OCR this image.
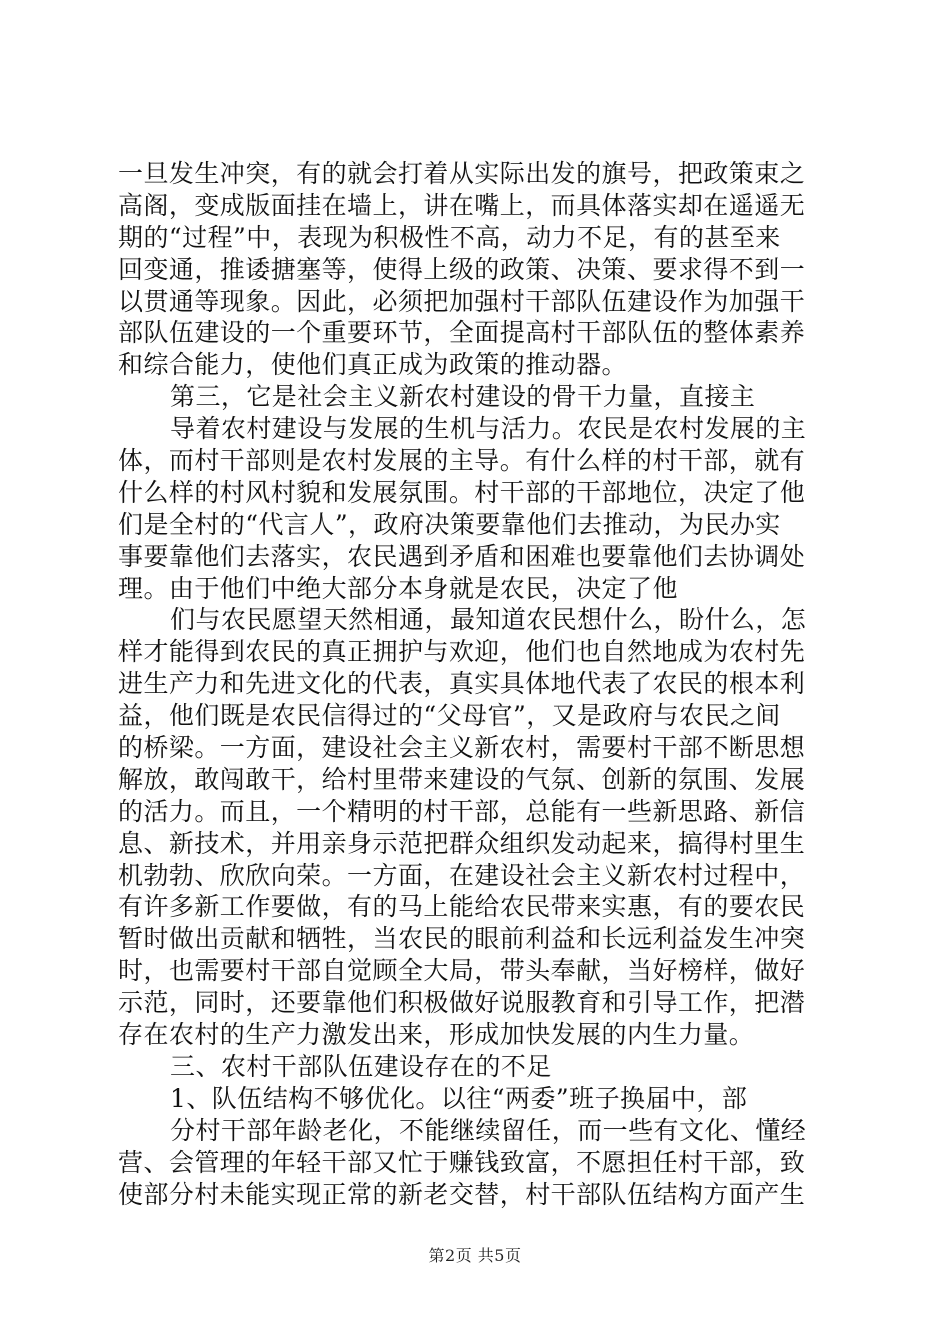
一旦发生冲突，有的就会打着从实际出发的旗号，把政策束之
高阁，变成版面挂在墙上，讲在嘴上，而具体落实却在遥遥无
期的“过程”中，表现为积极性不高，动力不足，有的甚至来
回变通，推诿搪塞等，使得上级的政策、决策、要求得不到一
以贯通等现象。因此，必须把加强村干部队伍建设作为加强干
部队伍建设的一个重要环节，全面提高村干部队伍的整体素养
和综合能力，使他们真正成为政策的推动器。
第三，它是社会主义新农村建设的骨干力量，直接主
导着农村建设与发展的生机与活力。农民是农村发展的主
体，而村干部则是农村发展的主导。有什么样的村干部，就有
什么样的村风村貌和发展氛围。村干部的干部地位，决定了他
们是全村的“代言人”，政府决策要靠他们去推动，为民办实
事要靠他们去落实，农民遇到矛盾和困难也要靠他们去协调处
理。由于他们中绝大部分本身就是农民，决定了他
们与农民愿望天然相通，最知道农民想什么，盼什么，怎
样才能得到农民的真正拥护与欢迎，他们也自然地成为农村先
进生产力和先进文化的代表，真实具体地代表了农民的根本利
益，他们既是农民信得过的“父母官”，又是政府与农民之间
的桥梁。一方面，建设社会主义新农村，需要村干部不断思想
解放，敢闯敢干，给村里带来建设的气氛、创新的氛围、发展
的活力。而且，一个精明的村干部，总能有一些新思路、新信
息、新技术，并用亲身示范把群众组织发动起来，搞得村里生
机勃勃、欣欣向荣。一方面，在建设社会主义新农村过程中，
有许多新工作要做，有的马上能给农民带来实惠，有的要农民
暂时做出贡献和牺牲，当农民的眼前利益和长远利益发生冲突
时，也需要村干部自觉顾全大局，带头奉献，当好榜样，做好
示范，同时，还要靠他们积极做好说服教育和引导工作，把潜
存在农村的生产力激发出来，形成加快发展的内生力量。
三、农村干部队伍建设存在的不足
1、队伍结构不够优化。以往“两委”班子换届中，部
分村干部年龄老化，不能继续留任，而一些有文化、懂经
营、会管理的年轻干部又忙于赚钱致富，不愿担任村干部，致
使部分村未能实现正常的新老交替，村干部队伍结构方面产生
第2页 共5页
